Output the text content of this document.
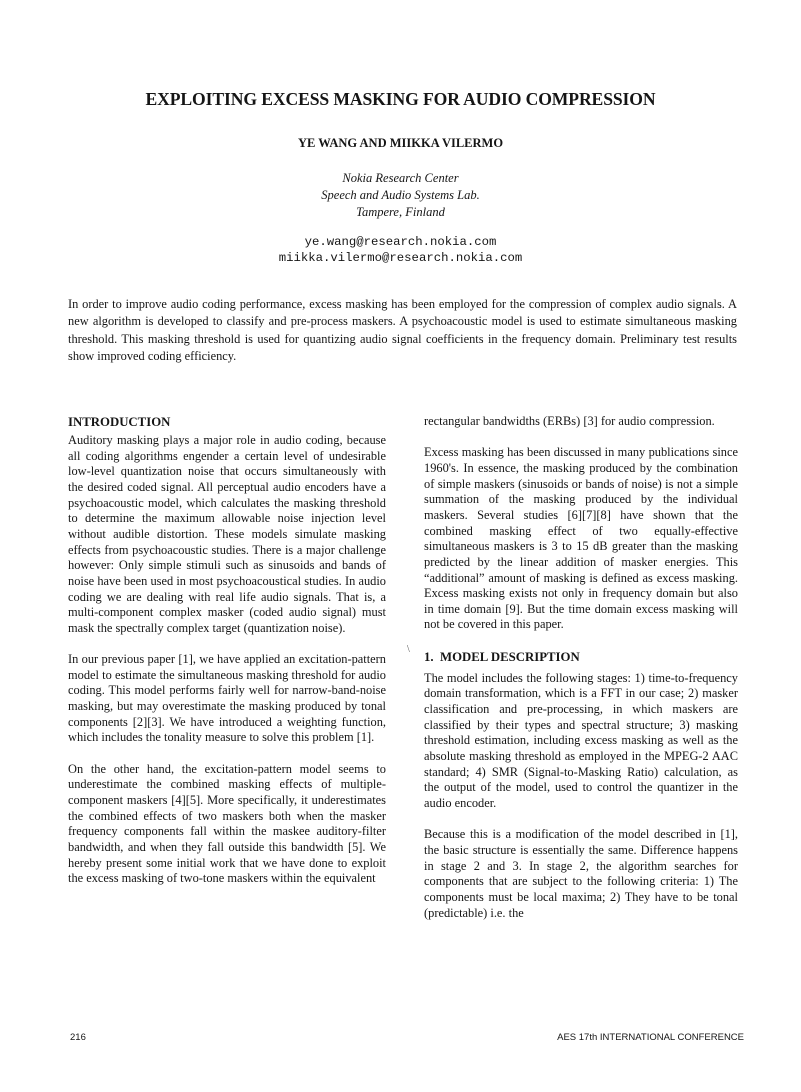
EXPLOITING EXCESS MASKING FOR AUDIO COMPRESSION
YE WANG AND MIIKKA VILERMO
Nokia Research Center
Speech and Audio Systems Lab.
Tampere, Finland
ye.wang@research.nokia.com
miikka.vilermo@research.nokia.com
In order to improve audio coding performance, excess masking has been employed for the compression of complex audio signals. A new algorithm is developed to classify and pre-process maskers. A psychoacoustic model is used to estimate simultaneous masking threshold. This masking threshold is used for quantizing audio signal coefficients in the frequency domain. Preliminary test results show improved coding efficiency.
INTRODUCTION

Auditory masking plays a major role in audio coding, because all coding algorithms engender a certain level of undesirable low-level quantization noise that occurs simultaneously with the desired coded signal. All perceptual audio encoders have a psychoacoustic model, which calculates the masking threshold to determine the maximum allowable noise injection level without audible distortion. These models simulate masking effects from psychoacoustic studies. There is a major challenge however: Only simple stimuli such as sinusoids and bands of noise have been used in most psychoacoustical studies. In audio coding we are dealing with real life audio signals. That is, a multi-component complex masker (coded audio signal) must mask the spectrally complex target (quantization noise).

In our previous paper [1], we have applied an excitation-pattern model to estimate the simultaneous masking threshold for audio coding. This model performs fairly well for narrow-band-noise masking, but may overestimate the masking produced by tonal components [2][3]. We have introduced a weighting function, which includes the tonality measure to solve this problem [1].

On the other hand, the excitation-pattern model seems to underestimate the combined masking effects of multiple-component maskers [4][5]. More specifically, it underestimates the combined effects of two maskers both when the masker frequency components fall within the maskee auditory-filter bandwidth, and when they fall outside this bandwidth [5]. We hereby present some initial work that we have done to exploit the excess masking of two-tone maskers within the equivalent

rectangular bandwidths (ERBs) [3] for audio compression.

Excess masking has been discussed in many publications since 1960's. In essence, the masking produced by the combination of simple maskers (sinusoids or bands of noise) is not a simple summation of the masking produced by the individual maskers. Several studies [6][7][8] have shown that the combined masking effect of two equally-effective simultaneous maskers is 3 to 15 dB greater than the masking predicted by the linear addition of masker energies. This “additional” amount of masking is defined as excess masking. Excess masking exists not only in frequency domain but also in time domain [9]. But the time domain excess masking will not be covered in this paper.

1.  MODEL DESCRIPTION

The model includes the following stages: 1) time-to-frequency domain transformation, which is a FFT in our case; 2) masker classification and pre-processing, in which maskers are classified by their types and spectral structure; 3) masking threshold estimation, including excess masking as well as the absolute masking threshold as employed in the MPEG-2 AAC standard; 4) SMR (Signal-to-Masking Ratio) calculation, as the output of the model, used to control the quantizer in the audio encoder.

Because this is a modification of the model described in [1], the basic structure is essentially the same. Difference happens in stage 2 and 3. In stage 2, the algorithm searches for components that are subject to the following criteria: 1) The components must be local maxima; 2) They have to be tonal (predictable) i.e. the

216	AES 17th INTERNATIONAL CONFERENCE
\
